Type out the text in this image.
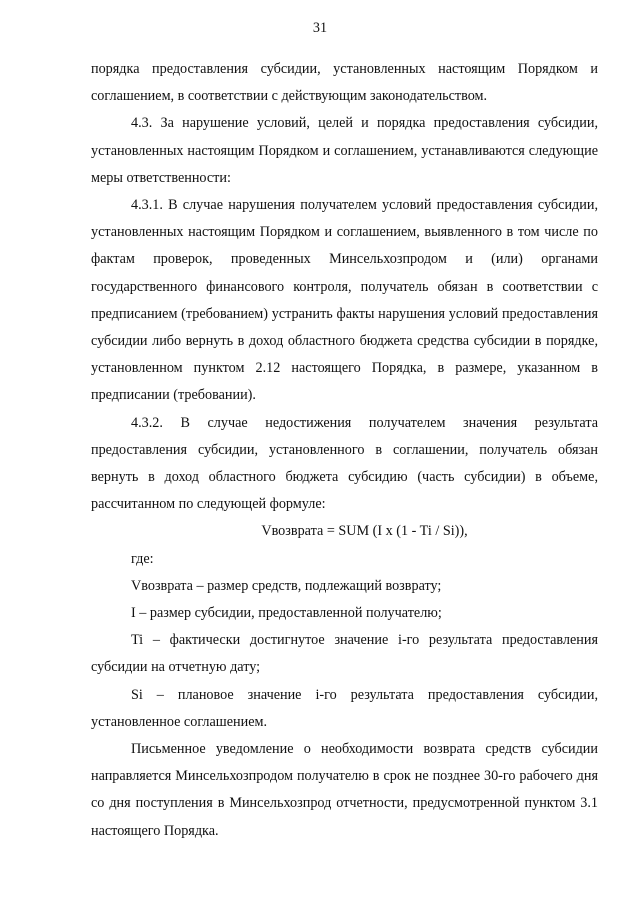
31

порядка предоставления субсидии, установленных настоящим Порядком и соглашением, в соответствии с действующим законодательством.

4.3. За нарушение условий, целей и порядка предоставления субсидии, установленных настоящим Порядком и соглашением, устанавливаются следующие меры ответственности:

4.3.1. В случае нарушения получателем условий предоставления субсидии, установленных настоящим Порядком и соглашением, выявленного в том числе по фактам проверок, проведенных Минсельхозпродом и (или) органами государственного финансового контроля, получатель обязан в соответствии с предписанием (требованием) устранить факты нарушения условий предоставления субсидии либо вернуть в доход областного бюджета средства субсидии в порядке, установленном пунктом 2.12 настоящего Порядка, в размере, указанном в предписании (требовании).

4.3.2. В случае недостижения получателем значения результата предоставления субсидии, установленного в соглашении, получатель обязан вернуть в доход областного бюджета субсидию (часть субсидии) в объеме, рассчитанном по следующей формуле:

Vвозврата = SUM (I x (1 - Ti / Si)),

где:

Vвозврата – размер средств, подлежащий возврату;

I – размер субсидии, предоставленной получателю;

Ti – фактически достигнутое значение i-го результата предоставления субсидии на отчетную дату;

Si – плановое значение i-го результата предоставления субсидии, установленное соглашением.

Письменное уведомление о необходимости возврата средств субсидии направляется Минсельхозпродом получателю в срок не позднее 30-го рабочего дня со дня поступления в Минсельхозпрод отчетности, предусмотренной пунктом 3.1 настоящего Порядка.
